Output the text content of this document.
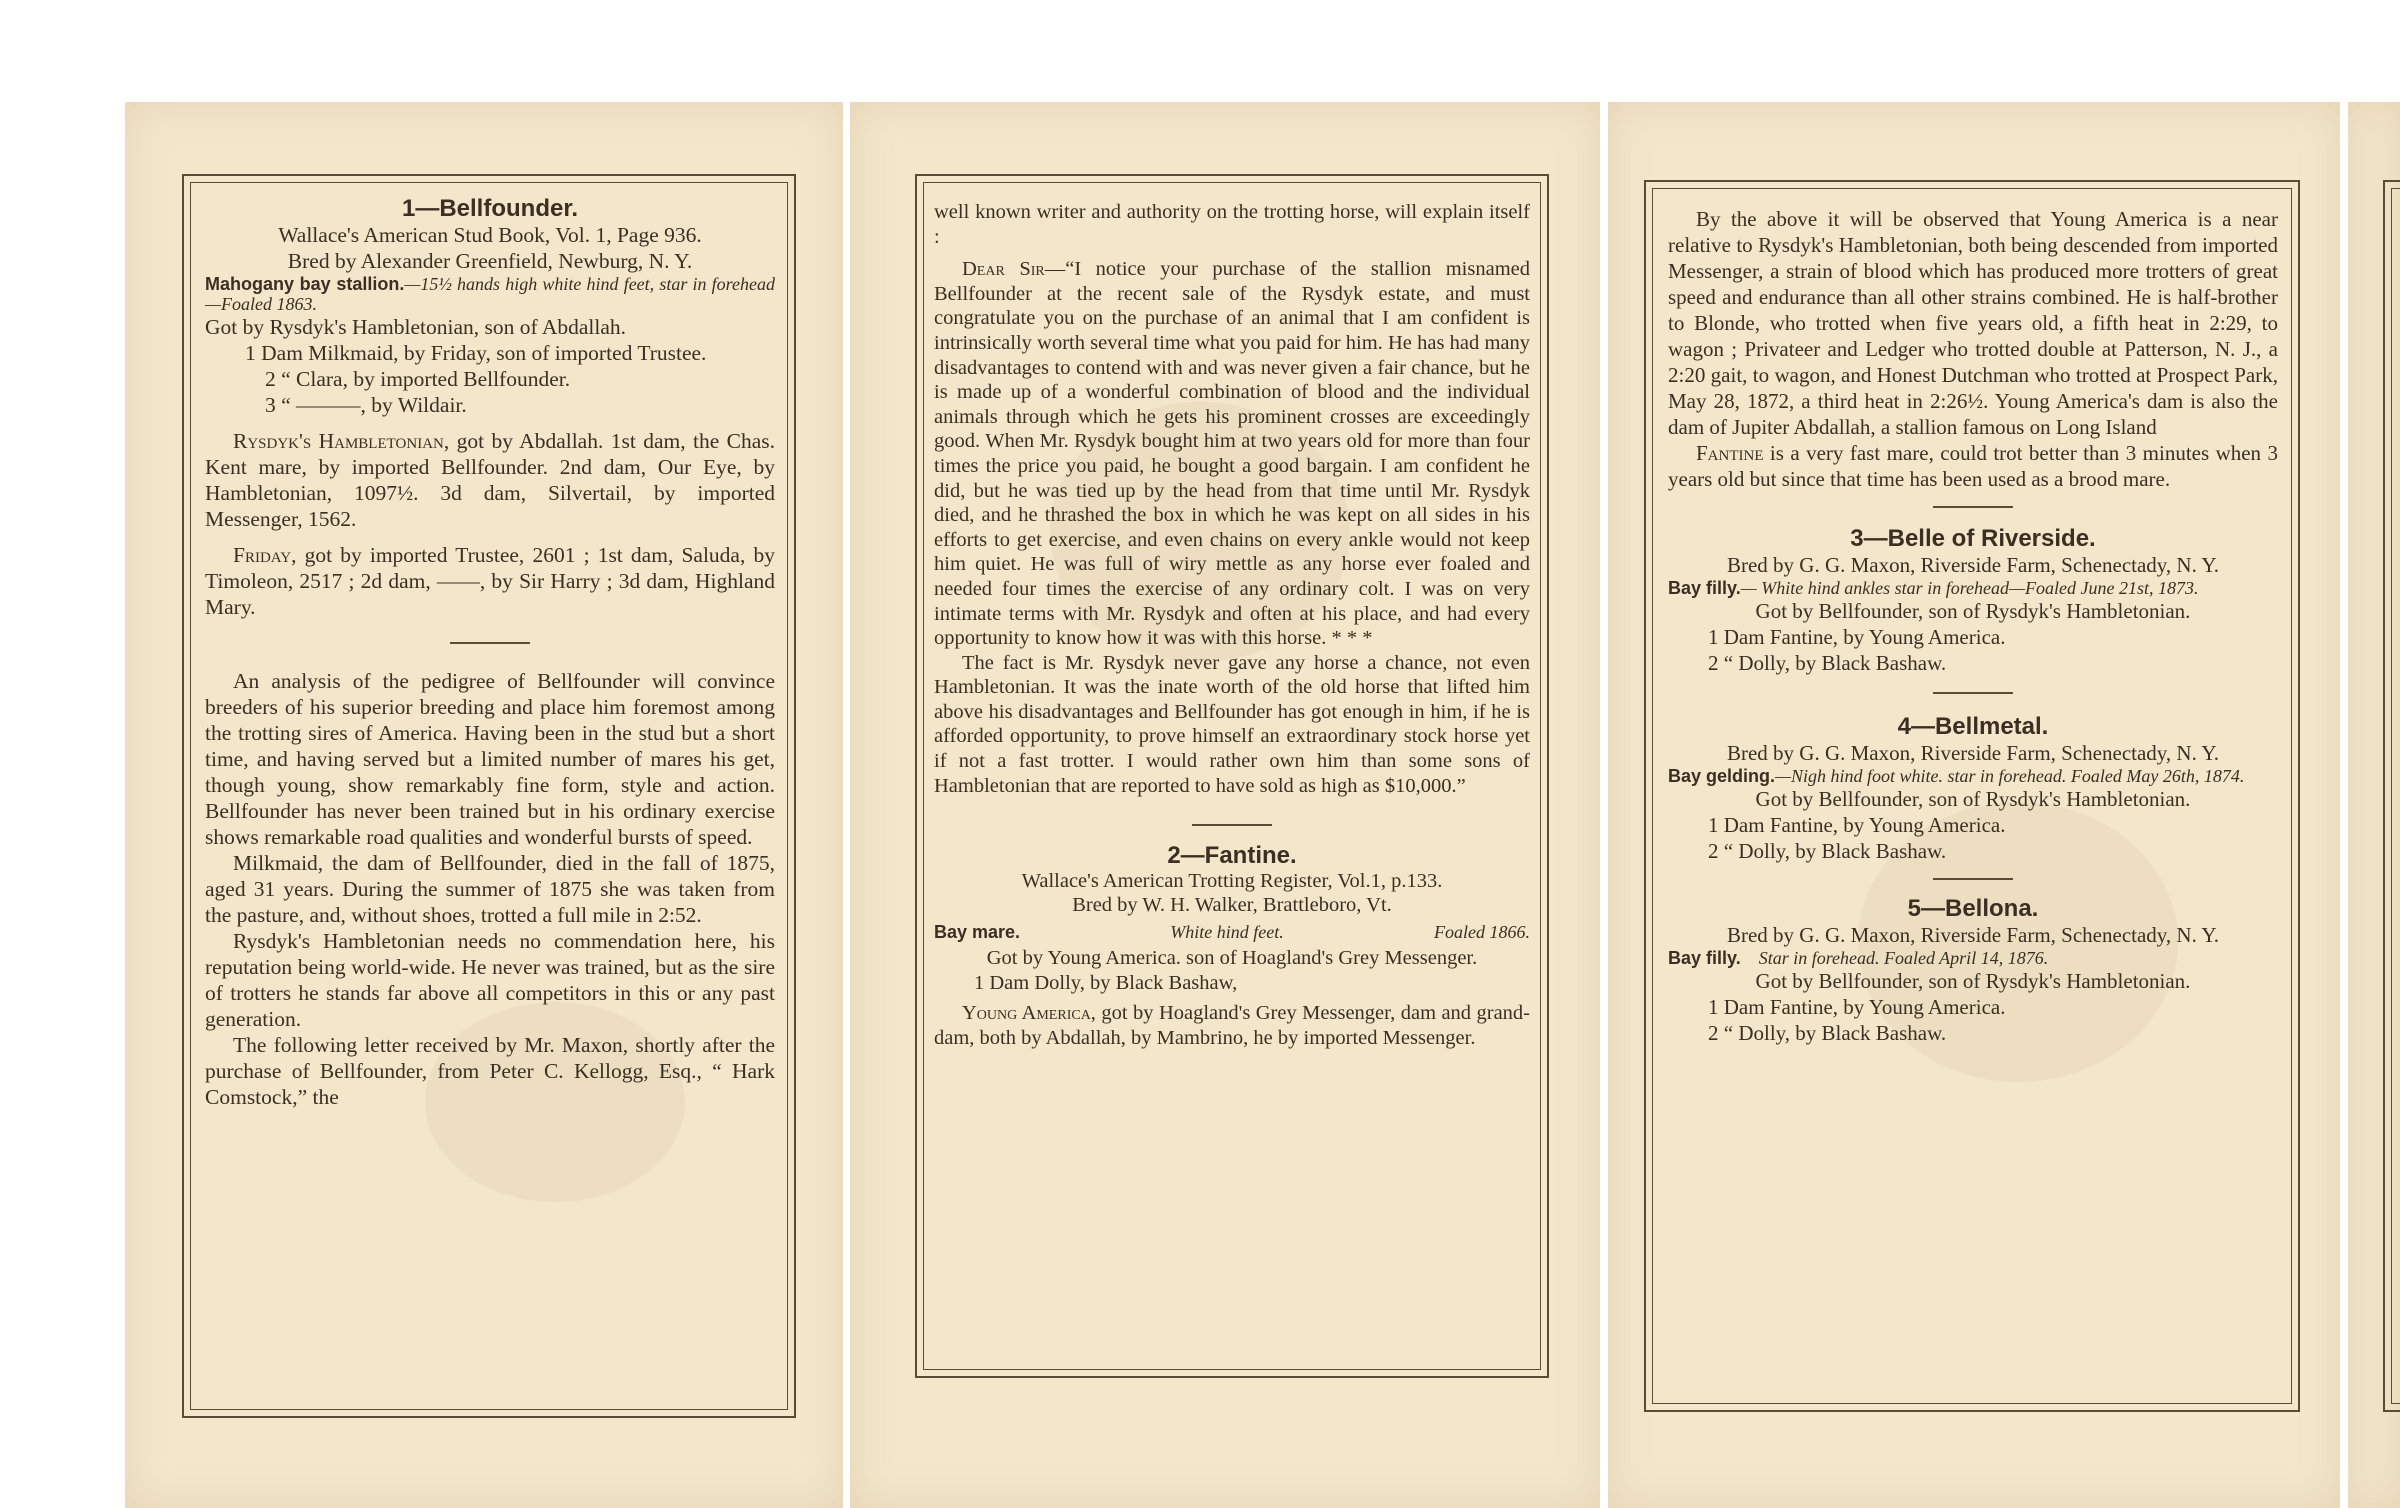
1—Bellfounder.

Wallace's American Stud Book, Vol. 1, Page 936.

Bred by Alexander Greenfield, Newburg, N. Y.

Mahogany bay stallion.—15½ hands high white hind feet, star in forehead—Foaled 1863.

Got by Rysdyk's Hambletonian, son of Abdallah.

1 Dam Milkmaid, by Friday, son of imported Trustee.

2 “ Clara, by imported Bellfounder.

3 “ ———, by Wildair.

Rysdyk's Hambletonian, got by Abdallah. 1st dam, the Chas. Kent mare, by imported Bellfounder. 2nd dam, Our Eye, by Hambletonian, 1097½. 3d dam, Silvertail, by imported Messenger, 1562.

Friday, got by imported Trustee, 2601 ; 1st dam, Saluda, by Timoleon, 2517 ; 2d dam, ——, by Sir Harry ; 3d dam, Highland Mary.

An analysis of the pedigree of Bellfounder will convince breeders of his superior breeding and place him foremost among the trotting sires of America. Having been in the stud but a short time, and having served but a limited number of mares his get, though young, show remarkably fine form, style and action. Bellfounder has never been trained but in his ordinary exercise shows remarkable road qualities and wonderful bursts of speed.

Milkmaid, the dam of Bellfounder, died in the fall of 1875, aged 31 years. During the summer of 1875 she was taken from the pasture, and, without shoes, trotted a full mile in 2:52.

Rysdyk's Hambletonian needs no commendation here, his reputation being world-wide. He never was trained, but as the sire of trotters he stands far above all competitors in this or any past generation.

The following letter received by Mr. Maxon, shortly after the purchase of Bellfounder, from Peter C. Kellogg, Esq., “ Hark Comstock,” the

well known writer and authority on the trotting horse, will explain itself :

Dear Sir—“I notice your purchase of the stallion misnamed Bellfounder at the recent sale of the Rysdyk estate, and must congratulate you on the purchase of an animal that I am confident is intrinsically worth several time what you paid for him. He has had many disadvantages to contend with and was never given a fair chance, but he is made up of a wonderful combination of blood and the individual animals through which he gets his prominent crosses are exceedingly good. When Mr. Rysdyk bought him at two years old for more than four times the price you paid, he bought a good bargain. I am confident he did, but he was tied up by the head from that time until Mr. Rysdyk died, and he thrashed the box in which he was kept on all sides in his efforts to get exercise, and even chains on every ankle would not keep him quiet. He was full of wiry mettle as any horse ever foaled and needed four times the exercise of any ordinary colt. I was on very intimate terms with Mr. Rysdyk and often at his place, and had every opportunity to know how it was with this horse. * * *

The fact is Mr. Rysdyk never gave any horse a chance, not even Hambletonian. It was the inate worth of the old horse that lifted him above his disadvantages and Bellfounder has got enough in him, if he is afforded opportunity, to prove himself an extraordinary stock horse yet if not a fast trotter. I would rather own him than some sons of Hambletonian that are reported to have sold as high as $10,000.”

2—Fantine.

Wallace's American Trotting Register, Vol.1, p.133.

Bred by W. H. Walker, Brattleboro, Vt.

Bay mare.	White hind feet.	Foaled 1866.

Got by Young America. son of Hoagland's Grey Messenger.

1 Dam Dolly, by Black Bashaw,

Young America, got by Hoagland's Grey Messenger, dam and grand-dam, both by Abdallah, by Mambrino, he by imported Messenger.

By the above it will be observed that Young America is a near relative to Rysdyk's Hambletonian, both being descended from imported Messenger, a strain of blood which has produced more trotters of great speed and endurance than all other strains combined. He is half-brother to Blonde, who trotted when five years old, a fifth heat in 2:29, to wagon ; Privateer and Ledger who trotted double at Patterson, N. J., a 2:20 gait, to wagon, and Honest Dutchman who trotted at Prospect Park, May 28, 1872, a third heat in 2:26½. Young America's dam is also the dam of Jupiter Abdallah, a stallion famous on Long Island

Fantine is a very fast mare, could trot better than 3 minutes when 3 years old but since that time has been used as a brood mare.

3—Belle of Riverside.

Bred by G. G. Maxon, Riverside Farm, Schenectady, N. Y.

Bay filly.— White hind ankles star in forehead—Foaled June 21st, 1873.

Got by Bellfounder, son of Rysdyk's Hambletonian.

1 Dam Fantine, by Young America.

2 “ Dolly, by Black Bashaw.

4—Bellmetal.

Bred by G. G. Maxon, Riverside Farm, Schenectady, N. Y.

Bay gelding.—Nigh hind foot white. star in forehead. Foaled May 26th, 1874.

Got by Bellfounder, son of Rysdyk's Hambletonian.

1 Dam Fantine, by Young America.

2 “ Dolly, by Black Bashaw.

5—Bellona.

Bred by G. G. Maxon, Riverside Farm, Schenectady, N. Y.

Bay filly. Star in forehead. Foaled April 14, 1876.

Got by Bellfounder, son of Rysdyk's Hambletonian.

1 Dam Fantine, by Young America.

2 “ Dolly, by Black Bashaw.
